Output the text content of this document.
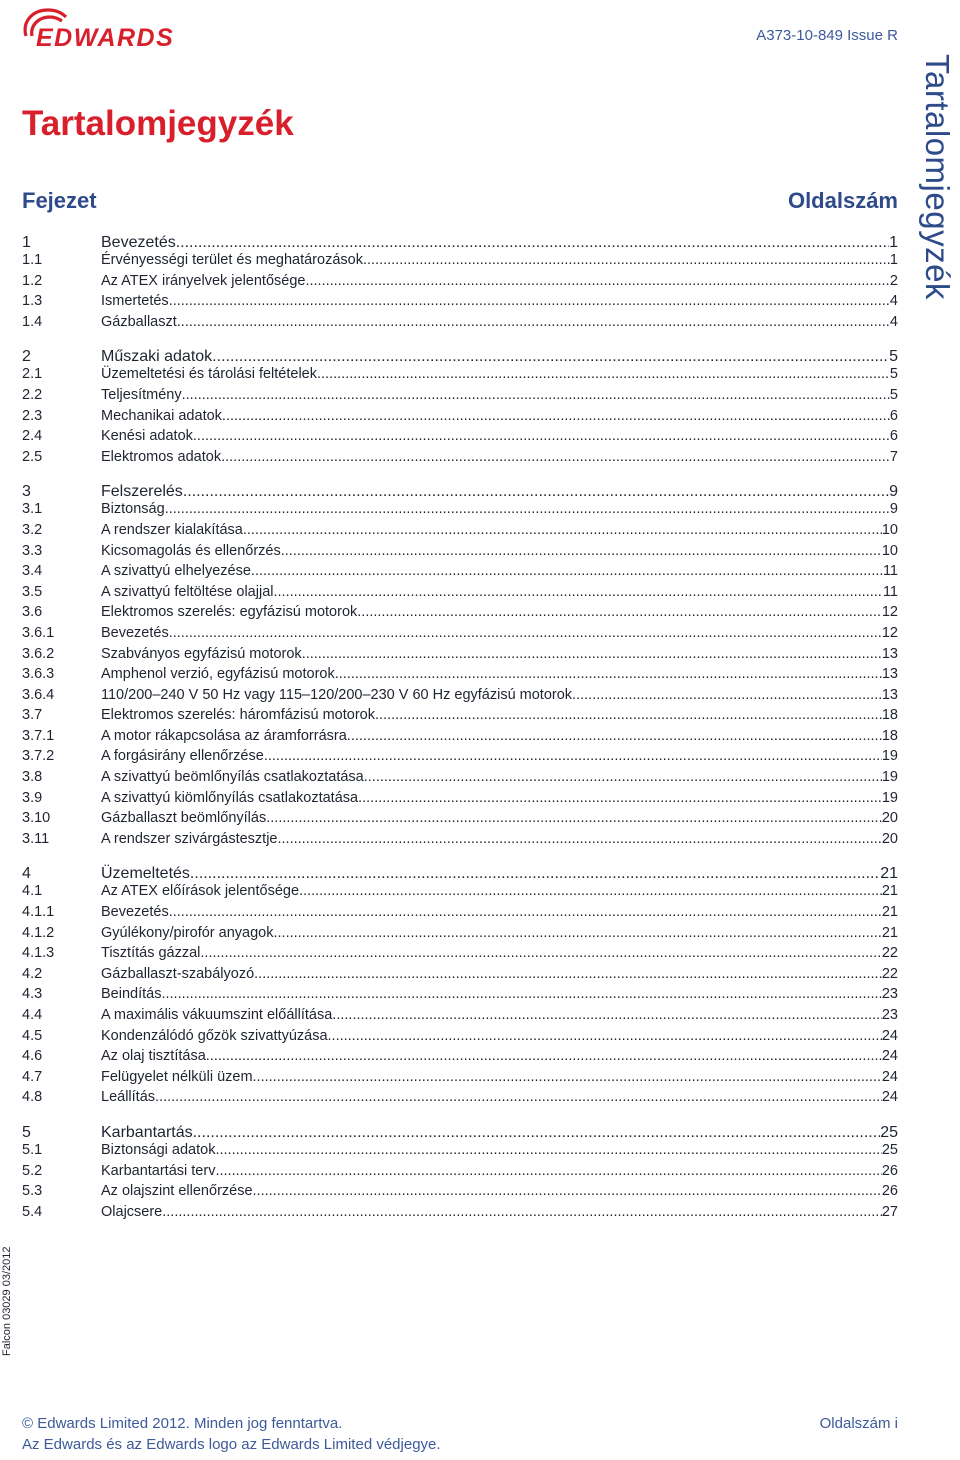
EDWARDS	A373-10-849 Issue R
Tartalomjegyzék	Tartalomjegyzék
Fejezet	Oldalszám
1	Bevezetés .....	1
1.1	Érvényességi terület és meghatározások .....	1
1.2	Az ATEX irányelvek jelentősége .....	2
1.3	Ismertetés .....	4
1.4	Gázballaszt .....	4
2	Műszaki adatok .....	5
2.1	Üzemeltetési és tárolási feltételek .....	5
2.2	Teljesítmény .....	5
2.3	Mechanikai adatok .....	6
2.4	Kenési adatok .....	6
2.5	Elektromos adatok .....	7
3	Felszerelés .....	9
3.1	Biztonság .....	9
3.2	A rendszer kialakítása .....	10
3.3	Kicsomagolás és ellenőrzés .....	10
3.4	A szivattyú elhelyezése .....	11
3.5	A szivattyú feltöltése olajjal .....	11
3.6	Elektromos szerelés: egyfázisú motorok .....	12
3.6.1	Bevezetés .....	12
3.6.2	Szabványos egyfázisú motorok .....	13
3.6.3	Amphenol verzió, egyfázisú motorok .....	13
3.6.4	110/200–240 V 50 Hz vagy 115–120/200–230 V 60 Hz egyfázisú motorok .....	13
3.7	Elektromos szerelés: háromfázisú motorok .....	18
3.7.1	A motor rákapcsolása az áramforrásra .....	18
3.7.2	A forgásirány ellenőrzése .....	19
3.8	A szivattyú beömlőnyílás csatlakoztatása .....	19
3.9	A szivattyú kiömlőnyílás csatlakoztatása .....	19
3.10	Gázballaszt beömlőnyílás .....	20
3.11	A rendszer szivárgástesztje .....	20
4	Üzemeltetés .....	21
4.1	Az ATEX előírások jelentősége .....	21
4.1.1	Bevezetés .....	21
4.1.2	Gyúlékony/pirofór anyagok .....	21
4.1.3	Tisztítás gázzal .....	22
4.2	Gázballaszt-szabályozó .....	22
4.3	Beindítás .....	23
4.4	A maximális vákuumszint előállítása .....	23
4.5	Kondenzálódó gőzök szivattyúzása .....	24
4.6	Az olaj tisztítása .....	24
4.7	Felügyelet nélküli üzem .....	24
4.8	Leállítás .....	24
5	Karbantartás .....	25
5.1	Biztonsági adatok .....	25
5.2	Karbantartási terv .....	26
5.3	Az olajszint ellenőrzése .....	26
5.4	Olajcsere .....	27
Falcon 03029 03/2012
© Edwards Limited 2012. Minden jog fenntartva.
Az Edwards és az Edwards logo az Edwards Limited védjegye.
Oldalszám i
